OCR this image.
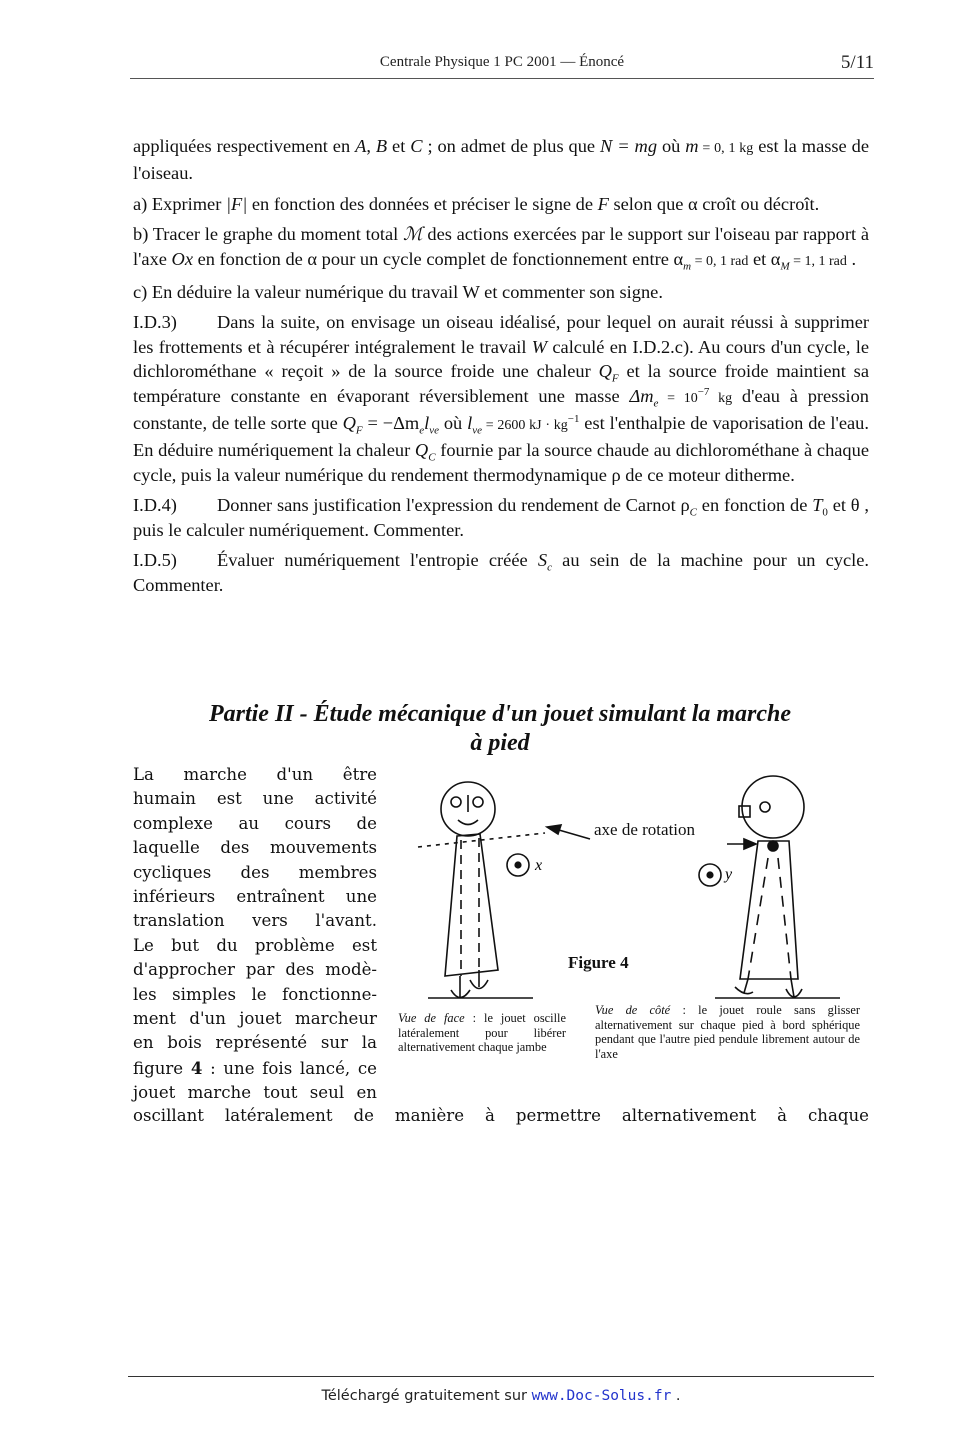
Centrale Physique 1 PC 2001 — Énoncé	5/11

appliquées respectivement en A, B et C ; on admet de plus que N = mg où m = 0, 1 kg est la masse de l'oiseau.

a) Exprimer |F| en fonction des données et préciser le signe de F selon que α croît ou décroît.

b) Tracer le graphe du moment total ℳ des actions exercées par le support sur l'oiseau par rapport à l'axe Ox en fonction de α pour un cycle complet de fonctionnement entre $\alpha_m = 0$, 1 rad et $\alpha_M = 1$, 1 rad .

c) En déduire la valeur numérique du travail W et commenter son signe.

I.D.3) Dans la suite, on envisage un oiseau idéalisé, pour lequel on aurait réussi à supprimer les frottements et à récupérer intégralement le travail W calculé en I.D.2.c). Au cours d'un cycle, le dichlorométhane « reçoit » de la source froide une chaleur $Q_F$ et la source froide maintient sa température constante en évaporant réversiblement une masse $\Delta m_e = 10^{-7}$ kg d'eau à pression constante, de telle sorte que $Q_F = -\Delta m_el_{ve}$ où $l_{ve} = 2600$ kJ · $kg^{-1}$ est l'enthalpie de vaporisation de l'eau. En déduire numériquement la chaleur $Q_C$ fournie par la source chaude au dichlorométhane à chaque cycle, puis la valeur numérique du rendement thermodynamique ρ de ce moteur ditherme.

I.D.4) Donner sans justification l'expression du rendement de Carnot $\rho_C$ en fonction de $T_0$ et θ , puis le calculer numériquement. Commenter.

I.D.5) Évaluer numériquement l'entropie créée $S_c$ au sein de la machine pour un cycle. Commenter.

Partie II - Étude mécanique d'un jouet simulant la marche
à pied
La marche d'un être
humain est une activité
complexe au cours de
laquelle des mouvements
cycliques des membres
inférieurs entraînent une
translation vers l'avant.
Le but du problème est
d'approcher par des modè-
les simples le fonctionne-
ment d'un jouet marcheur
en bois représenté sur la
figure 4 : une fois lancé, ce
jouet marche tout seul en
oscillant latéralement de manière à permettre alternativement à chaque
x
y
axe de rotation
Figure 4
Vue de face : le jouet oscille latéralement pour libérer alternativement chaque jambe
Vue de côté : le jouet roule sans glisser alternativement sur chaque pied à bord sphérique pendant que l'autre pied pendule librement autour de l'axe
Téléchargé gratuitement sur www.Doc-Solus.fr .
